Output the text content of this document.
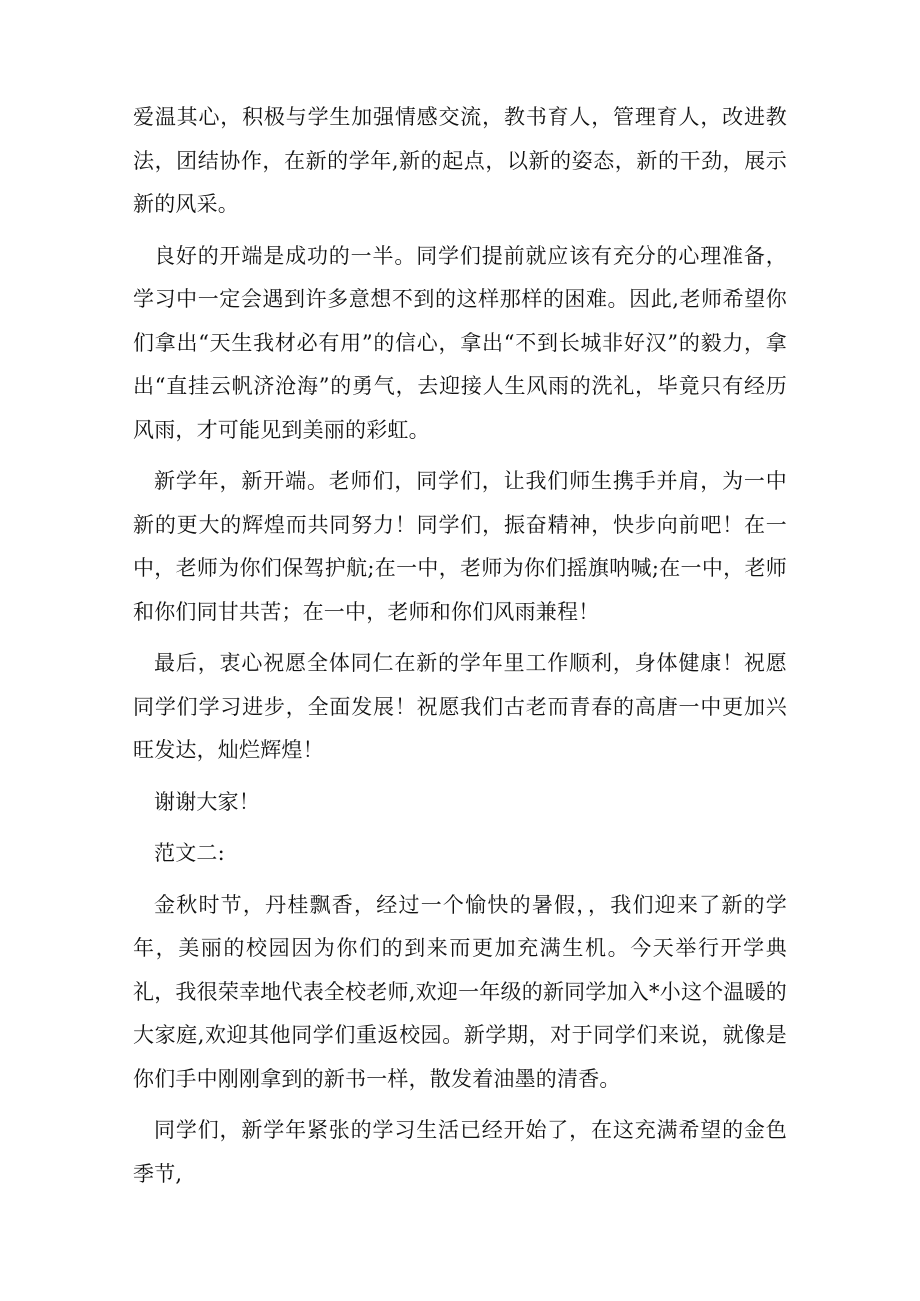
爱温其心，积极与学生加强情感交流，教书育人，管理育人，改进教法，团结协作，在新的学年,新的起点，以新的姿态，新的干劲，展示新的风采。

良好的开端是成功的一半。同学们提前就应该有充分的心理准备，学习中一定会遇到许多意想不到的这样那样的困难。因此,老师希望你们拿出“天生我材必有用”的信心，拿出“不到长城非好汉”的毅力，拿出“直挂云帆济沧海”的勇气，去迎接人生风雨的洗礼，毕竟只有经历风雨，才可能见到美丽的彩虹。

新学年，新开端。老师们，同学们，让我们师生携手并肩，为一中新的更大的辉煌而共同努力！同学们，振奋精神，快步向前吧！在一中，老师为你们保驾护航;在一中，老师为你们摇旗呐喊;在一中，老师和你们同甘共苦；在一中，老师和你们风雨兼程！

最后，衷心祝愿全体同仁在新的学年里工作顺利，身体健康！祝愿同学们学习进步，全面发展！祝愿我们古老而青春的高唐一中更加兴旺发达，灿烂辉煌！

谢谢大家！

范文二:

金秋时节，丹桂飘香，经过一个愉快的暑假，，我们迎来了新的学年，美丽的校园因为你们的到来而更加充满生机。今天举行开学典礼，我很荣幸地代表全校老师,欢迎一年级的新同学加入*小这个温暖的大家庭,欢迎其他同学们重返校园。新学期，对于同学们来说，就像是你们手中刚刚拿到的新书一样，散发着油墨的清香。

同学们，新学年紧张的学习生活已经开始了，在这充满希望的金色季节,
